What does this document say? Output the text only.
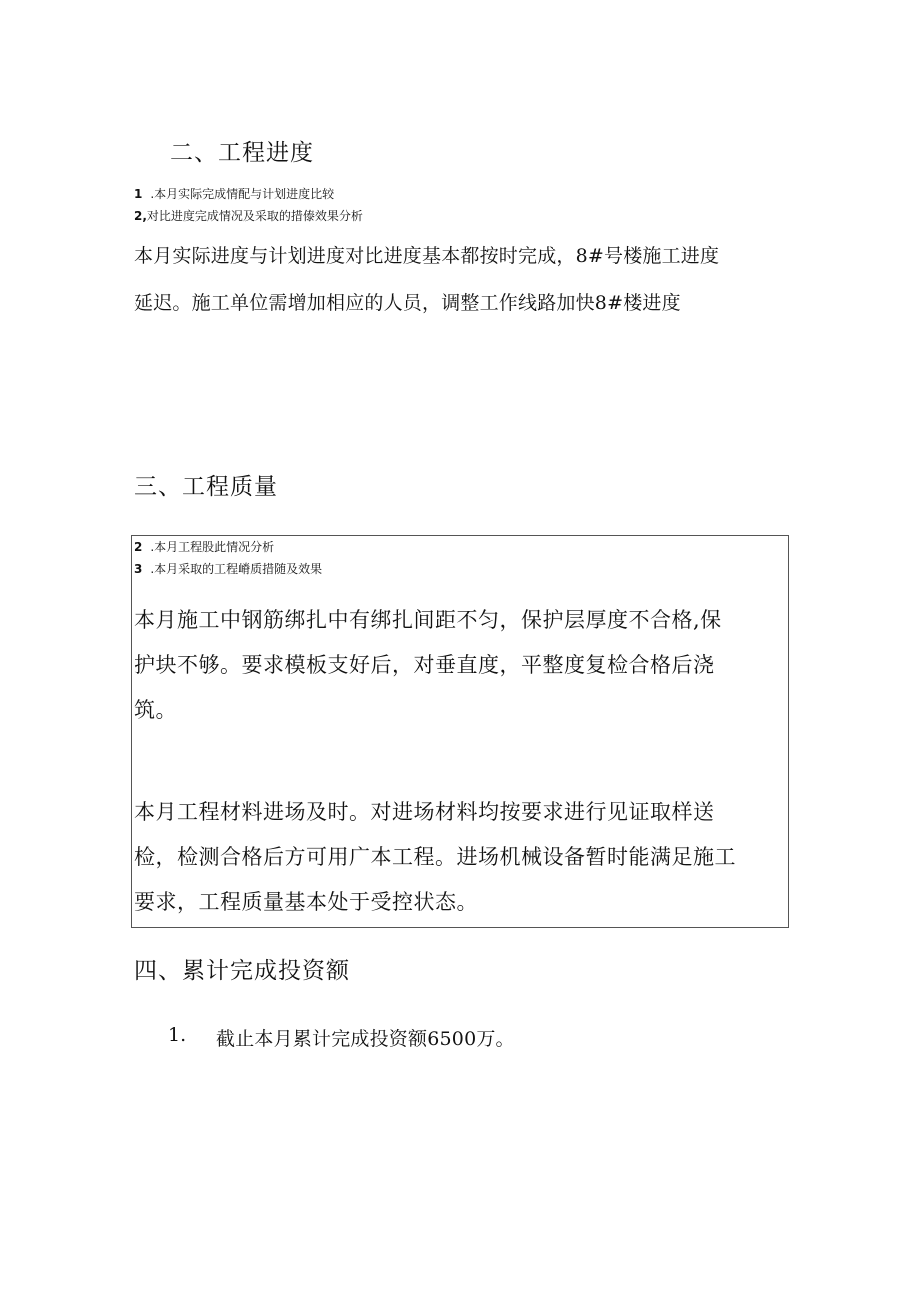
二、工程进度
1 .本月实际完成情配与计划进度比较
2,对比进度完成情况及采取的措傣效果分析
本月实际进度与计划进度对比进度基本都按时完成，8#号楼施工进度
延迟。施工单位需增加相应的人员，调整工作线路加快8#楼进度
三、工程质量
2 .本月工程股此情况分析
3 .本月采取的工程嵴质措随及效果
本月施工中钢筋绑扎中有绑扎间距不匀，保护层厚度不合格,保
护块不够。要求模板支好后，对垂直度，平整度复检合格后浇
筑。
本月工程材料进场及时。对进场材料均按要求进行见证取样送
检，检测合格后方可用广本工程。进场机械设备暂时能满足施工
要求，工程质量基本处于受控状态。
四、累计完成投资额
1. 截止本月累计完成投资额6500万。
